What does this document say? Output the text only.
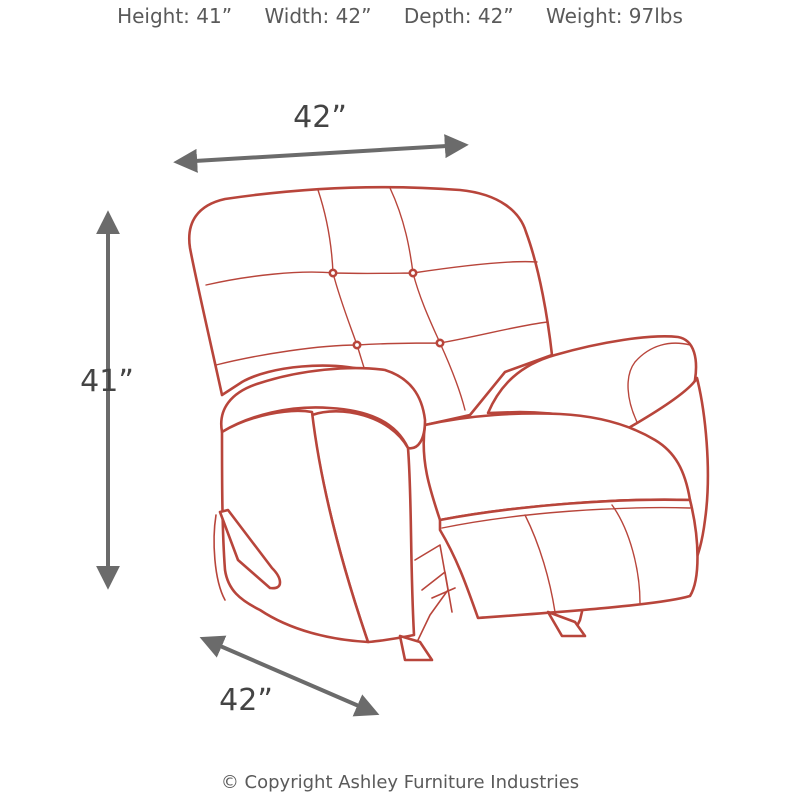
Height: 41” Width: 42” Depth: 42” Weight: 97lbs
42”
41”
42”
© Copyright Ashley Furniture Industries
